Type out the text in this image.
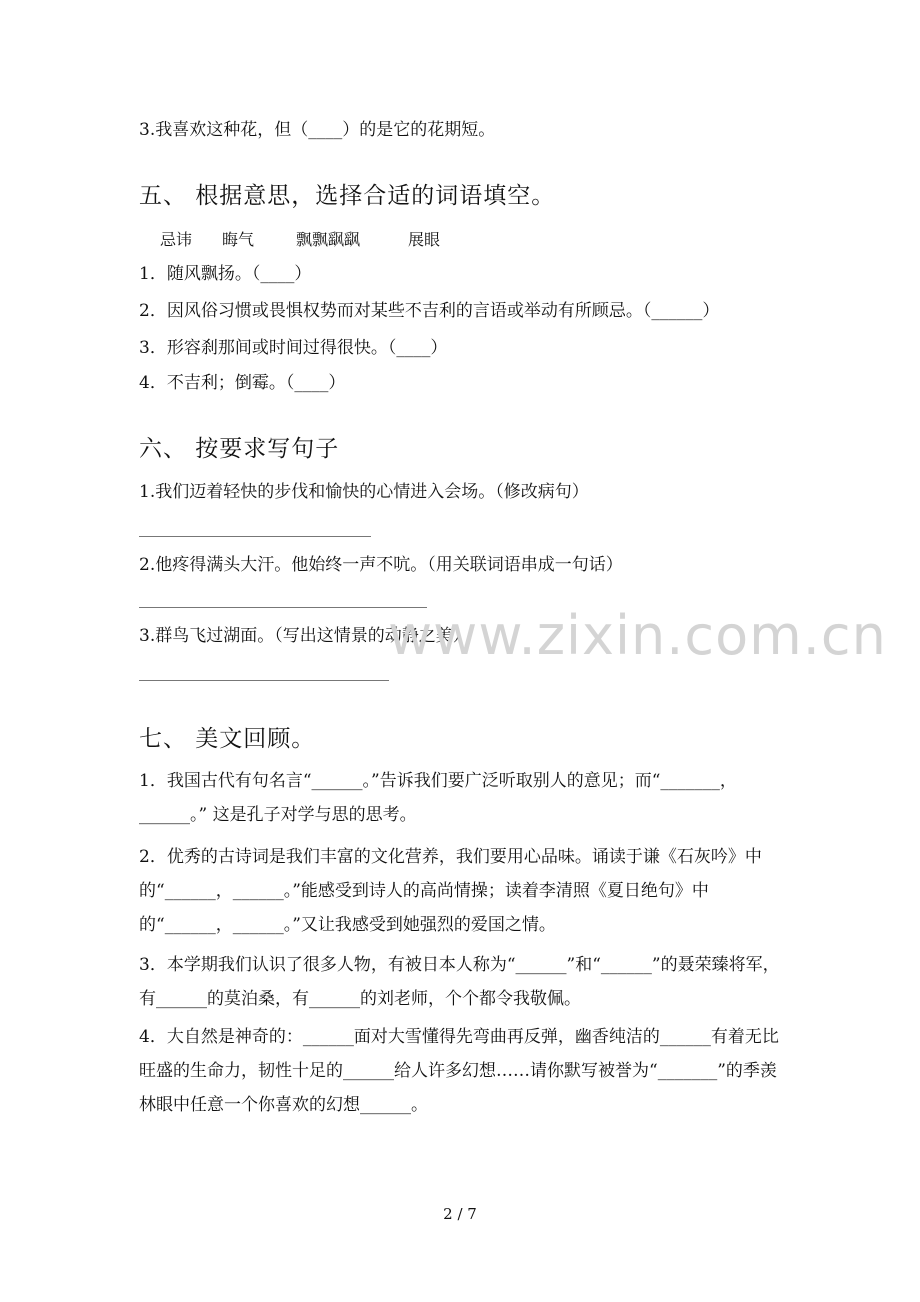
3.我喜欢这种花，但（____）的是它的花期短。
五、 根据意思，选择合适的词语填空。
忌讳 晦气	飘飘飖飖	展眼
1．随风飘扬。（____）
2．因风俗习惯或畏惧权势而对某些不吉利的言语或举动有所顾忌。（______）
3．形容刹那间或时间过得很快。（____）
4．不吉利；倒霉。（____）
六、 按要求写句子
1.我们迈着轻快的步伐和愉快的心情进入会场。（修改病句）
2.他疼得满头大汗。他始终一声不吭。（用关联词语串成一句话）
3.群鸟飞过湖面。（写出这情景的动静之美）
七、 美文回顾。
1．我国古代有句名言“______。”告诉我们要广泛听取别人的意见；而“_______，______。” 这是孔子对学与思的思考。
2．优秀的古诗词是我们丰富的文化营养，我们要用心品味。诵读于谦《石灰吟》中的“______，______。”能感受到诗人的高尚情操；读着李清照《夏日绝句》中的“______，______。”又让我感受到她强烈的爱国之情。
3．本学期我们认识了很多人物，有被日本人称为“______”和“______”的聂荣臻将军，有______的莫泊桑，有______的刘老师，个个都令我敬佩。
4．大自然是神奇的：______面对大雪懂得先弯曲再反弹，幽香纯洁的______有着无比旺盛的生命力，韧性十足的______给人许多幻想……请你默写被誉为“_______”的季羡林眼中任意一个你喜欢的幻想______。
www.zixin.com.cn
2 / 7
